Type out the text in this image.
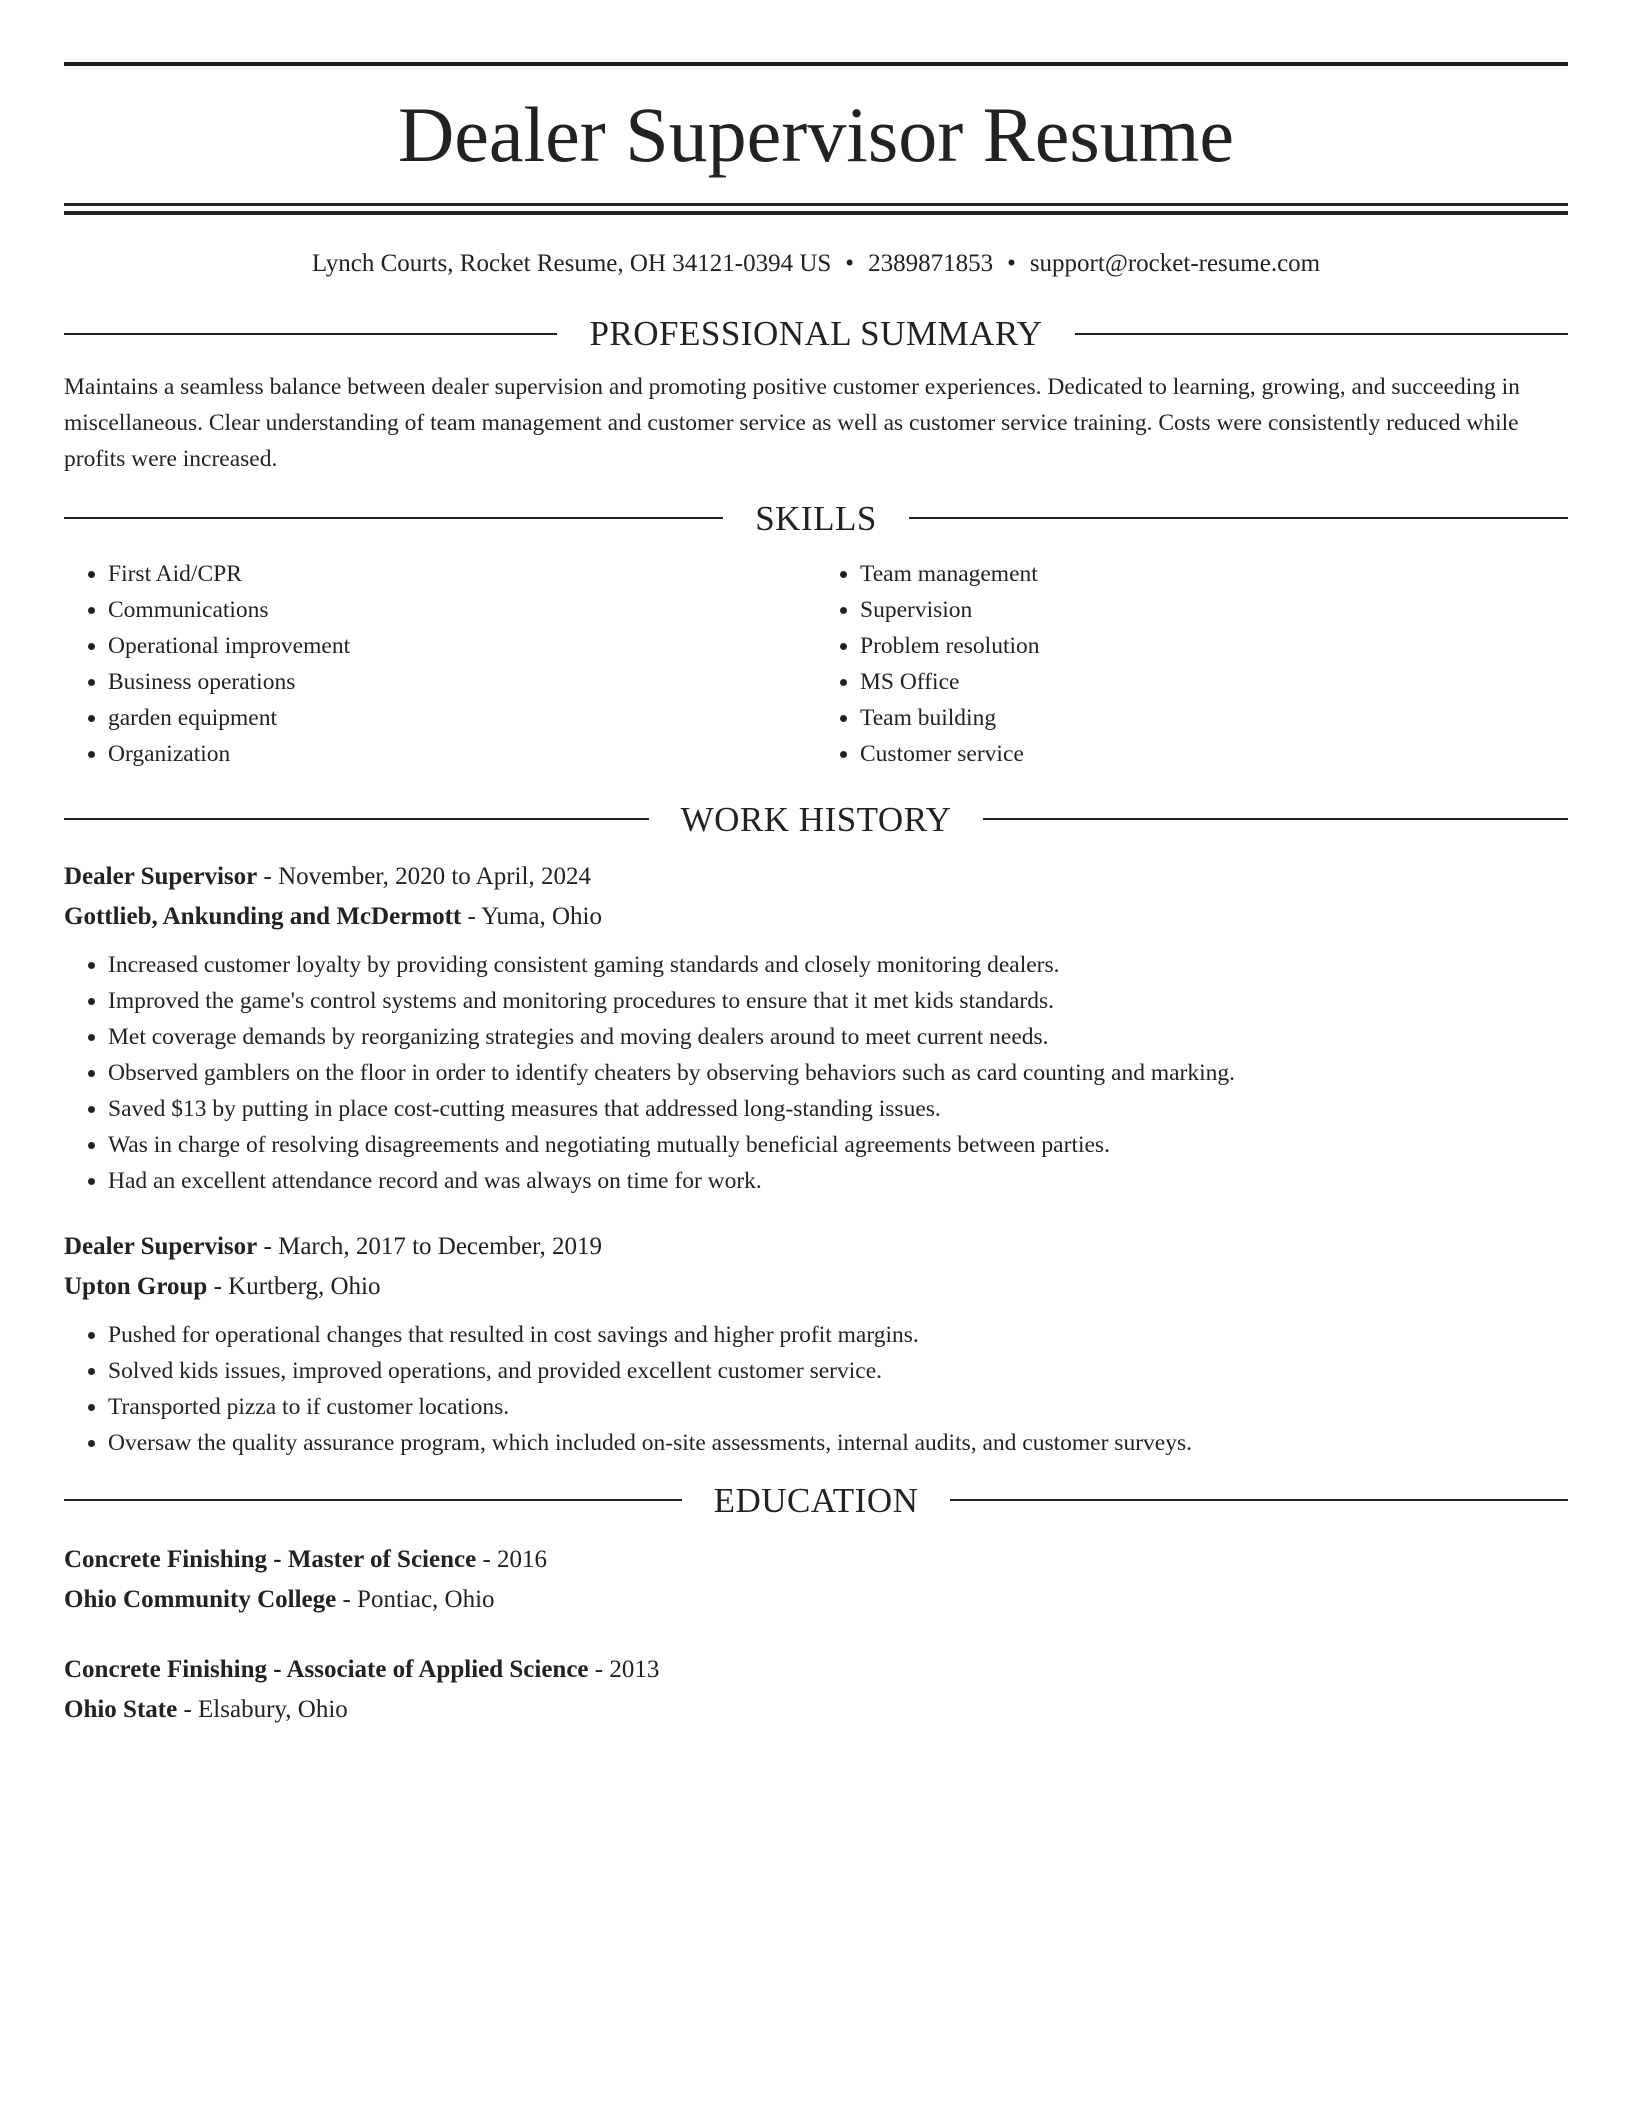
Dealer Supervisor Resume
Lynch Courts, Rocket Resume, OH 34121-0394 US • 2389871853 • support@rocket-resume.com
PROFESSIONAL SUMMARY

Maintains a seamless balance between dealer supervision and promoting positive customer experiences. Dedicated to learning, growing, and succeeding in miscellaneous. Clear understanding of team management and customer service as well as customer service training. Costs were consistently reduced while profits were increased.

SKILLS
• First Aid/CPR
• Communications
• Operational improvement
• Business operations
• garden equipment
• Organization
• Team management
• Supervision
• Problem resolution
• MS Office
• Team building
• Customer service
WORK HISTORY
Dealer Supervisor - November, 2020 to April, 2024
Gottlieb, Ankunding and McDermott - Yuma, Ohio
• Increased customer loyalty by providing consistent gaming standards and closely monitoring dealers.
• Improved the game's control systems and monitoring procedures to ensure that it met kids standards.
• Met coverage demands by reorganizing strategies and moving dealers around to meet current needs.
• Observed gamblers on the floor in order to identify cheaters by observing behaviors such as card counting and marking.
• Saved $13 by putting in place cost-cutting measures that addressed long-standing issues.
• Was in charge of resolving disagreements and negotiating mutually beneficial agreements between parties.
• Had an excellent attendance record and was always on time for work.
Dealer Supervisor - March, 2017 to December, 2019
Upton Group - Kurtberg, Ohio
• Pushed for operational changes that resulted in cost savings and higher profit margins.
• Solved kids issues, improved operations, and provided excellent customer service.
• Transported pizza to if customer locations.
• Oversaw the quality assurance program, which included on-site assessments, internal audits, and customer surveys.
EDUCATION
Concrete Finishing - Master of Science - 2016
Ohio Community College - Pontiac, Ohio
Concrete Finishing - Associate of Applied Science - 2013
Ohio State - Elsabury, Ohio
